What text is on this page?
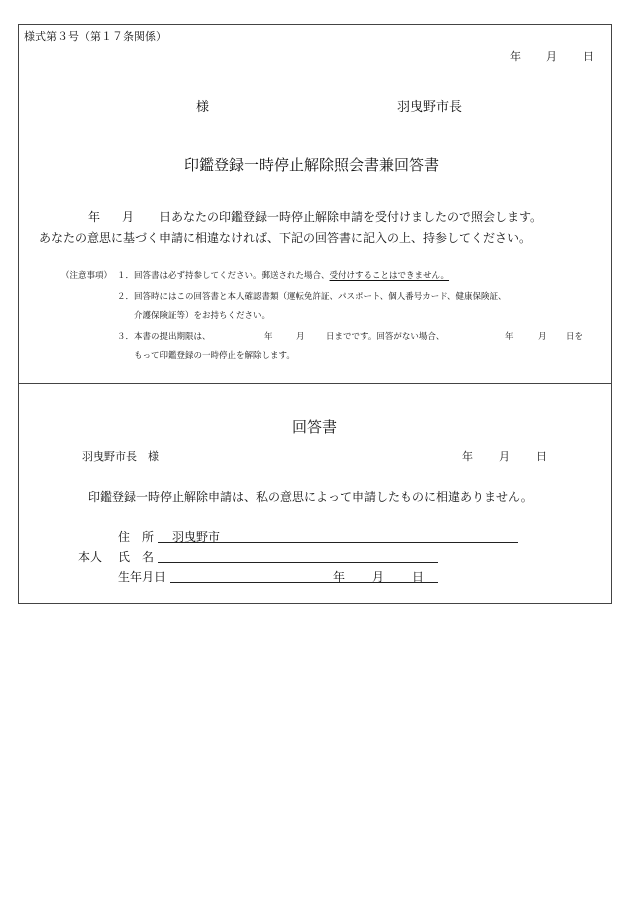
様式第３号（第１７条関係）
年 月 日
様	羽曳野市長
印鑑登録一時停止解除照会書兼回答書
年 月 日あなたの印鑑登録一時停止解除申請を受付けましたので照会します。
あなたの意思に基づく申請に相違なければ、下記の回答書に記入の上、持参してください。
（注意事項） １． 回答書は必ず持参してください。郵送された場合、受付けすることはできません。
２． 回答時にはこの回答書と本人確認書類（運転免許証、パスポート、個人番号カード、健康保険証、
介護保険証等）をお持ちください。
３． 本書の提出期限は、	年	月	日までです。回答がない場合、	年	月 日を
もって印鑑登録の一時停止を解除します。
回答書
羽曳野市長　様	年 月 日
印鑑登録一時停止解除申請は、私の意思によって申請したものに相違ありません。
住　所 羽曳野市
本人 氏　名
生年月日	年 月 日
